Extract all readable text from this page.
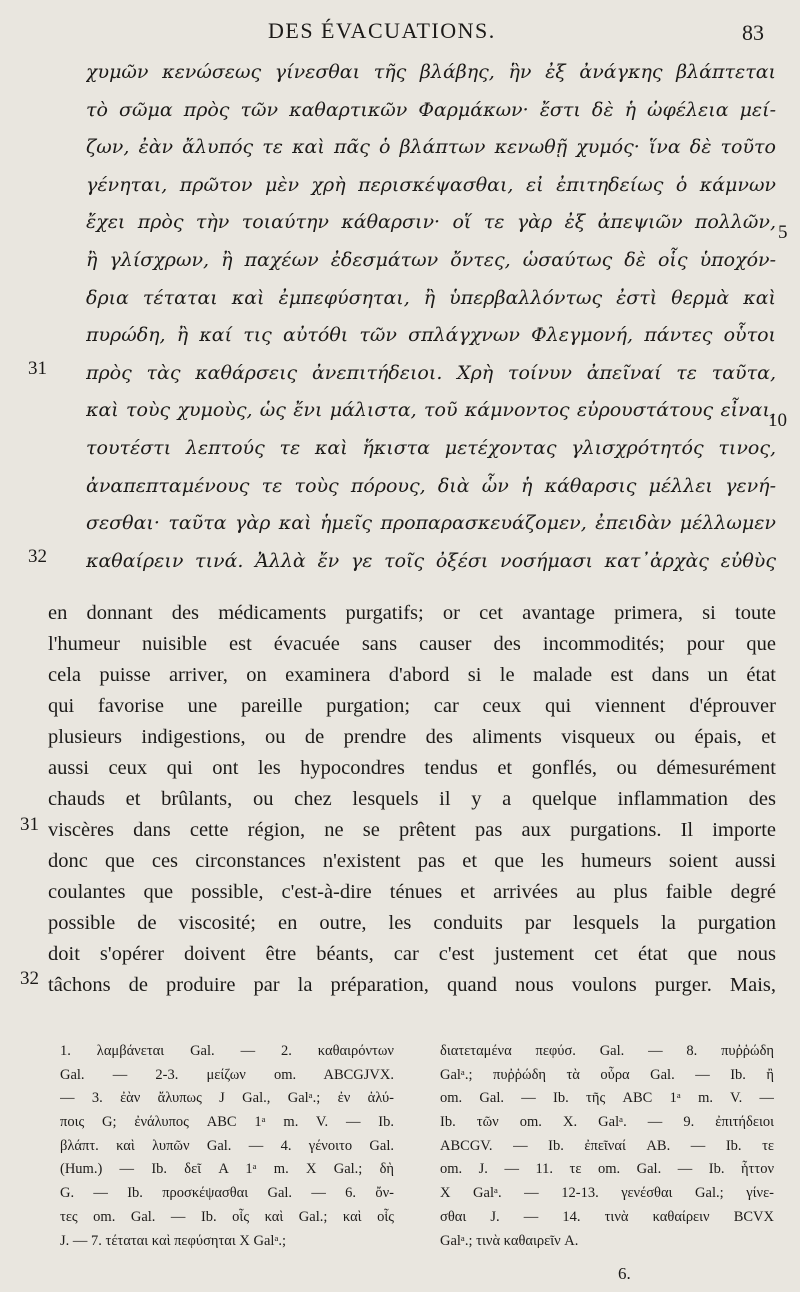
DES ÉVACUATIONS.	83
χυμῶν κενώσεως γίνεσθαι τῆς βλάβης, ἣν ἐξ ἀνάγκης βλάπτεται
τὸ σῶμα πρὸς τῶν καθαρτικῶν Φαρμάκων· ἔστι δὲ ἡ ὠφέλεια μεί-
ζων, ἐὰν ἄλυπός τε καὶ πᾶς ὁ βλάπτων κενωθῇ χυμός· ἵνα δὲ τοῦτο
γένηται, πρῶτον μὲν χρὴ περισκέψασθαι, εἰ ἐπιτηδείως ὁ κάμνων
ἔχει πρὸς τὴν τοιαύτην κάθαρσιν· οἵ τε γὰρ ἐξ ἀπεψιῶν πολλῶν,
ἢ γλίσχρων, ἢ παχέων ἐδεσμάτων ὄντες, ὡσαύτως δὲ οἷς ὑποχόν-
δρια τέταται καὶ ἐμπεφύσηται, ἢ ὑπερβαλλόντως ἐστὶ θερμὰ καὶ
πυρώδη, ἢ καί τις αὐτόθι τῶν σπλάγχνων Φλεγμονή, πάντες οὗτοι
πρὸς τὰς καθάρσεις ἀνεπιτήδειοι. Χρὴ τοίνυν ἀπεῖναί τε ταῦτα,
καὶ τοὺς χυμοὺς, ὡς ἔνι μάλιστα, τοῦ κάμνοντος εὐρουστάτους εἶναι,
τουτέστι λεπτούς τε καὶ ἥκιστα μετέχοντας γλισχρότητός τινος,
ἀναπεπταμένους τε τοὺς πόρους, διὰ ὧν ἡ κάθαρσις μέλλει γενή-
σεσθαι· ταῦτα γὰρ καὶ ἡμεῖς προπαρασκευάζομεν, ἐπειδὰν μέλλωμεν
καθαίρειν τινά. Ἀλλὰ ἔν γε τοῖς ὀξέσι νοσήμασι κατ᾽ἀρχὰς εὐθὺς
5
31
10
32
en donnant des médicaments purgatifs; or cet avantage primera, si toute
l'humeur nuisible est évacuée sans causer des incommodités; pour que
cela puisse arriver, on examinera d'abord si le malade est dans un état
qui favorise une pareille purgation; car ceux qui viennent d'éprouver
plusieurs indigestions, ou de prendre des aliments visqueux ou épais, et
aussi ceux qui ont les hypocondres tendus et gonflés, ou démesurément
chauds et brûlants, ou chez lesquels il y a quelque inflammation des
viscères dans cette région, ne se prêtent pas aux purgations. Il importe
donc que ces circonstances n'existent pas et que les humeurs soient aussi
coulantes que possible, c'est-à-dire ténues et arrivées au plus faible degré
possible de viscosité; en outre, les conduits par lesquels la purgation
doit s'opérer doivent être béants, car c'est justement cet état que nous
tâchons de produire par la préparation, quand nous voulons purger. Mais,
31
32
1. λαμβάνεται Gal. — 2. καθαιρόντων
Gal. — 2-3. μείζων om. ABCGJVX.
— 3. ἐὰν ἄλυπως J Gal., Galᵃ.; ἐν ἀλύ-
ποις G; ἐνάλυπος ABC 1ᵃ m. V. — Ib.
βλάπτ. καὶ λυπῶν Gal. — 4. γένοιτο Gal.
(Hum.) — Ib. δεῖ A 1ᵃ m. X Gal.; δὴ
G. — Ib. προσκέψασθαι Gal. — 6. ὄν-
τες om. Gal. — Ib. οἷς καὶ Gal.; καὶ οἷς
J. — 7. τέταται καὶ πεφύσηται X Galᵃ.;
διατεταμένα πεφύσ. Gal. — 8. πυῤῥώδη
Galᵃ.; πυῤῥώδη τὰ οὖρα Gal. — Ib. ἢ
om. Gal. — Ib. τῆς ABC 1ᵃ m. V. —
Ib. τῶν om. X. Galᵃ. — 9. ἐπιτήδειοι
ABCGV. — Ib. ἐπεῖναί AB. — Ib. τε
om. J. — 11. τε om. Gal. — Ib. ἧττον
X Galᵃ. — 12-13. γενέσθαι Gal.; γίνε-
σθαι J. — 14. τινὰ καθαίρειν BCVX
Galᵃ.; τινὰ καθαιρεῖν A.
6.
